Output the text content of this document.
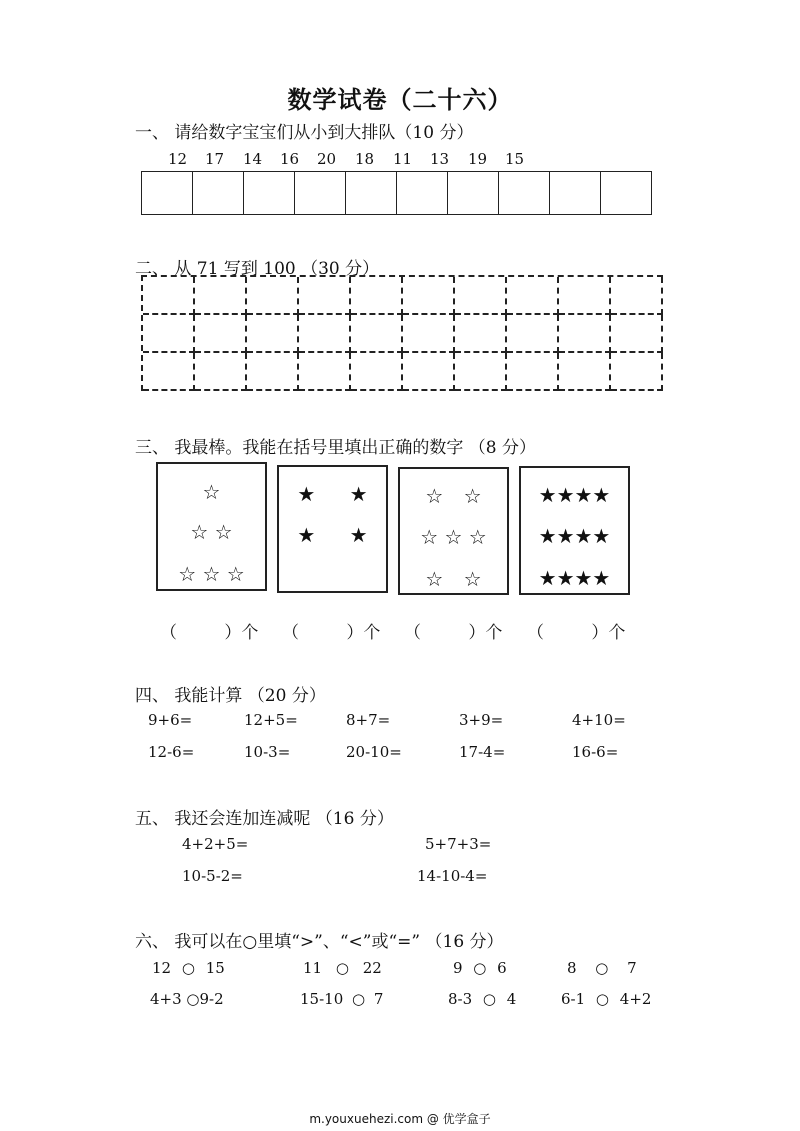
数学试卷（二十六）
一、 请给数字宝宝们从小到大排队（10 分）
12 17 14 16 20 18 11 13 19 15
二、 从 71 写到 100 （30 分）
三、 我最棒。我能在括号里填出正确的数字 （8 分）
☆
☆ ☆
☆ ☆ ☆
★ ★
★ ★
☆ ☆
☆ ☆ ☆
☆ ☆
★★★★
★★★★
★★★★
（ ）个 （ ）个 （ ）个 （ ）个
四、 我能计算 （20 分）
9+6=	12+5=	8+7=	3+9=	4+10=
12-6=	10-3=	20-10=	17-4=	16-6=
五、 我还会连加连减呢 （16 分）
4+2+5=	5+7+3=
10-5-2=	14-10-4=
六、 我可以在○里填“>”、“<”或“=” （16 分）
12 ○ 15	11 ○ 22	9 ○ 6	8 ○ 7
4+3 ○9-2	15-10 ○ 7	8-3 ○ 4	6-1 ○ 4+2
m.youxuehezi.com @ 优学盒子
